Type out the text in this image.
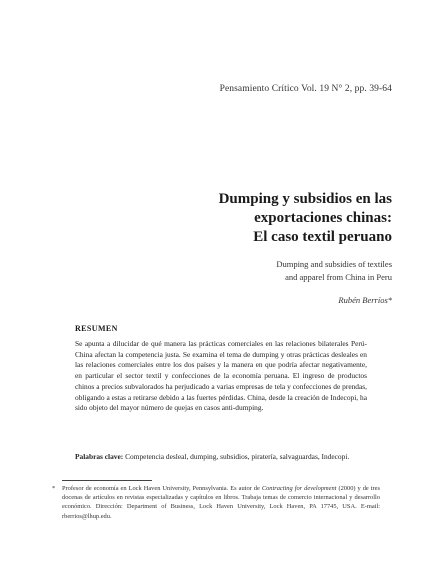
Pensamiento Crítico Vol. 19 N° 2, pp. 39-64
Dumping y subsidios en las
exportaciones chinas:
El caso textil peruano
Dumping and subsidies of textiles
and apparel from China in Peru
Rubén Berríos*
RESUMEN
Se apunta a dilucidar de qué manera las prácticas comerciales en las relaciones bilaterales Perú-China afectan la competencia justa. Se examina el tema de dumping y otras prácticas desleales en las relaciones comerciales entre los dos países y la manera en que podría afectar negativamente, en particular el sector textil y confecciones de la economía peruana. El ingreso de productos chinos a precios subvalorados ha perjudicado a varias empresas de tela y confecciones de prendas, obligando a estas a retirarse debido a las fuertes pérdidas. China, desde la creación de Indecopi, ha sido objeto del mayor número de quejas en casos anti-dumping.
Palabras clave: Competencia desleal, dumping, subsidios, piratería, salvaguardas, Indecopi.
* Profesor de economía en Lock Haven University, Pennsylvania. Es autor de Contracting for development (2000) y de tres docenas de artículos en revistas especializadas y capítulos en libros. Trabaja temas de comercio internacional y desarrollo económico. Dirección: Department of Business, Lock Haven University, Lock Haven, PA 17745, USA. E-mail: rberrios@lhup.edu.
